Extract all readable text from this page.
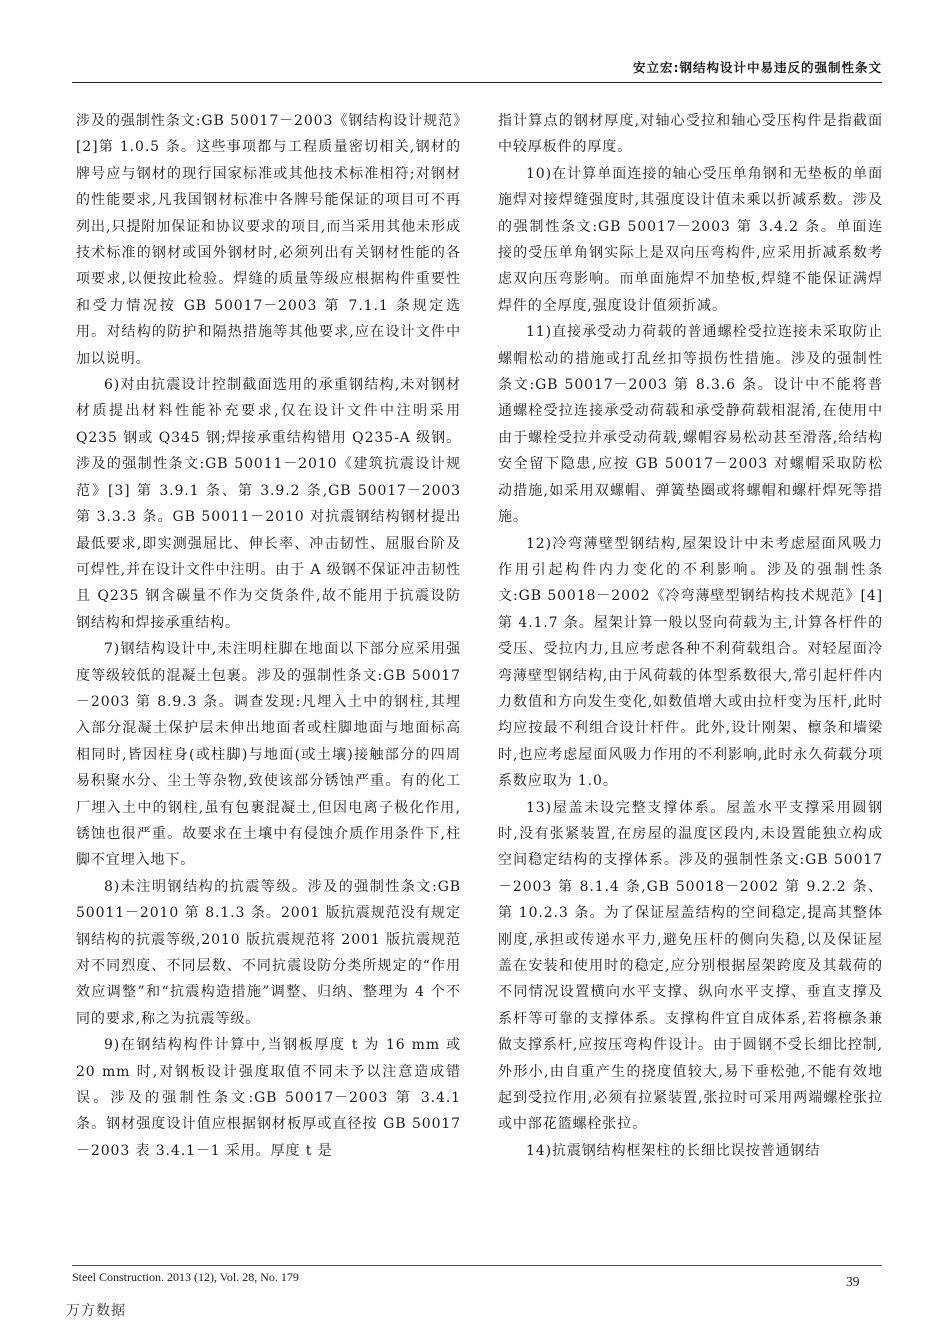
安立宏:钢结构设计中易违反的强制性条文

涉及的强制性条文:GB 50017－2003《钢结构设计规范》[2]第 1.0.5 条。这些事项都与工程质量密切相关,钢材的牌号应与钢材的现行国家标准或其他技术标准相符;对钢材的性能要求,凡我国钢材标准中各牌号能保证的项目可不再列出,只提附加保证和协议要求的项目,而当采用其他未形成技术标准的钢材或国外钢材时,必须列出有关钢材性能的各项要求,以便按此检验。焊缝的质量等级应根据构件重要性和受力情况按 GB 50017－2003 第 7.1.1 条规定选用。对结构的防护和隔热措施等其他要求,应在设计文件中加以说明。

6)对由抗震设计控制截面选用的承重钢结构,未对钢材材质提出材料性能补充要求,仅在设计文件中注明采用 Q235 钢或 Q345 钢;焊接承重结构错用 Q235-A 级钢。涉及的强制性条文:GB 50011－2010《建筑抗震设计规范》[3] 第 3.9.1 条、第 3.9.2 条,GB 50017－2003 第 3.3.3 条。GB 50011－2010 对抗震钢结构钢材提出最低要求,即实测强屈比、伸长率、冲击韧性、屈服台阶及可焊性,并在设计文件中注明。由于 A 级钢不保证冲击韧性且 Q235 钢含碳量不作为交货条件,故不能用于抗震设防钢结构和焊接承重结构。

7)钢结构设计中,未注明柱脚在地面以下部分应采用强度等级较低的混凝土包裹。涉及的强制性条文:GB 50017－2003 第 8.9.3 条。调查发现:凡埋入土中的钢柱,其埋入部分混凝土保护层未伸出地面者或柱脚地面与地面标高相同时,皆因柱身(或柱脚)与地面(或土壤)接触部分的四周易积聚水分、尘土等杂物,致使该部分锈蚀严重。有的化工厂埋入土中的钢柱,虽有包裹混凝土,但因电离子极化作用,锈蚀也很严重。故要求在土壤中有侵蚀介质作用条件下,柱脚不宜埋入地下。

8)未注明钢结构的抗震等级。涉及的强制性条文:GB 50011－2010 第 8.1.3 条。2001 版抗震规范没有规定钢结构的抗震等级,2010 版抗震规范将 2001 版抗震规范对不同烈度、不同层数、不同抗震设防分类所规定的“作用效应调整”和“抗震构造措施”调整、归纳、整理为 4 个不同的要求,称之为抗震等级。

9)在钢结构构件计算中,当钢板厚度 t 为 16 mm 或 20 mm 时,对钢板设计强度取值不同未予以注意造成错误。涉及的强制性条文:GB 50017－2003 第 3.4.1 条。钢材强度设计值应根据钢材板厚或直径按 GB 50017－2003 表 3.4.1－1 采用。厚度 t 是

指计算点的钢材厚度,对轴心受拉和轴心受压构件是指截面中较厚板件的厚度。

10)在计算单面连接的轴心受压单角钢和无垫板的单面施焊对接焊缝强度时,其强度设计值未乘以折减系数。涉及的强制性条文:GB 50017－2003 第 3.4.2 条。单面连接的受压单角钢实际上是双向压弯构件,应采用折减系数考虑双向压弯影响。而单面施焊不加垫板,焊缝不能保证满焊焊件的全厚度,强度设计值须折减。

11)直接承受动力荷载的普通螺栓受拉连接未采取防止螺帽松动的措施或打乱丝扣等损伤性措施。涉及的强制性条文:GB 50017－2003 第 8.3.6 条。设计中不能将普通螺栓受拉连接承受动荷载和承受静荷载相混淆,在使用中由于螺栓受拉并承受动荷载,螺帽容易松动甚至滑落,给结构安全留下隐患,应按 GB 50017－2003 对螺帽采取防松动措施,如采用双螺帽、弹簧垫圈或将螺帽和螺杆焊死等措施。

12)冷弯薄壁型钢结构,屋架设计中未考虑屋面风吸力作用引起构件内力变化的不利影响。涉及的强制性条文:GB 50018－2002《冷弯薄壁型钢结构技术规范》[4] 第 4.1.7 条。屋架计算一般以竖向荷载为主,计算各杆件的受压、受拉内力,且应考虑各种不利荷载组合。对轻屋面冷弯薄壁型钢结构,由于风荷载的体型系数很大,常引起杆件内力数值和方向发生变化,如数值增大或由拉杆变为压杆,此时均应按最不利组合设计杆件。此外,设计刚架、檩条和墙梁时,也应考虑屋面风吸力作用的不利影响,此时永久荷载分项系数应取为 1.0。

13)屋盖未设完整支撑体系。屋盖水平支撑采用圆钢时,没有张紧装置,在房屋的温度区段内,未设置能独立构成空间稳定结构的支撑体系。涉及的强制性条文:GB 50017－2003 第 8.1.4 条,GB 50018－2002 第 9.2.2 条、第 10.2.3 条。为了保证屋盖结构的空间稳定,提高其整体刚度,承担或传递水平力,避免压杆的侧向失稳,以及保证屋盖在安装和使用时的稳定,应分别根据屋架跨度及其载荷的不同情况设置横向水平支撑、纵向水平支撑、垂直支撑及系杆等可靠的支撑体系。支撑构件宜自成体系,若将檩条兼做支撑系杆,应按压弯构件设计。由于圆钢不受长细比控制,外形小,由自重产生的挠度值较大,易下垂松弛,不能有效地起到受拉作用,必须有拉紧装置,张拉时可采用两端螺栓张拉或中部花篮螺栓张拉。

14)抗震钢结构框架柱的长细比误按普通钢结

Steel Construction. 2013 (12), Vol. 28, No. 179	39
万方数据
